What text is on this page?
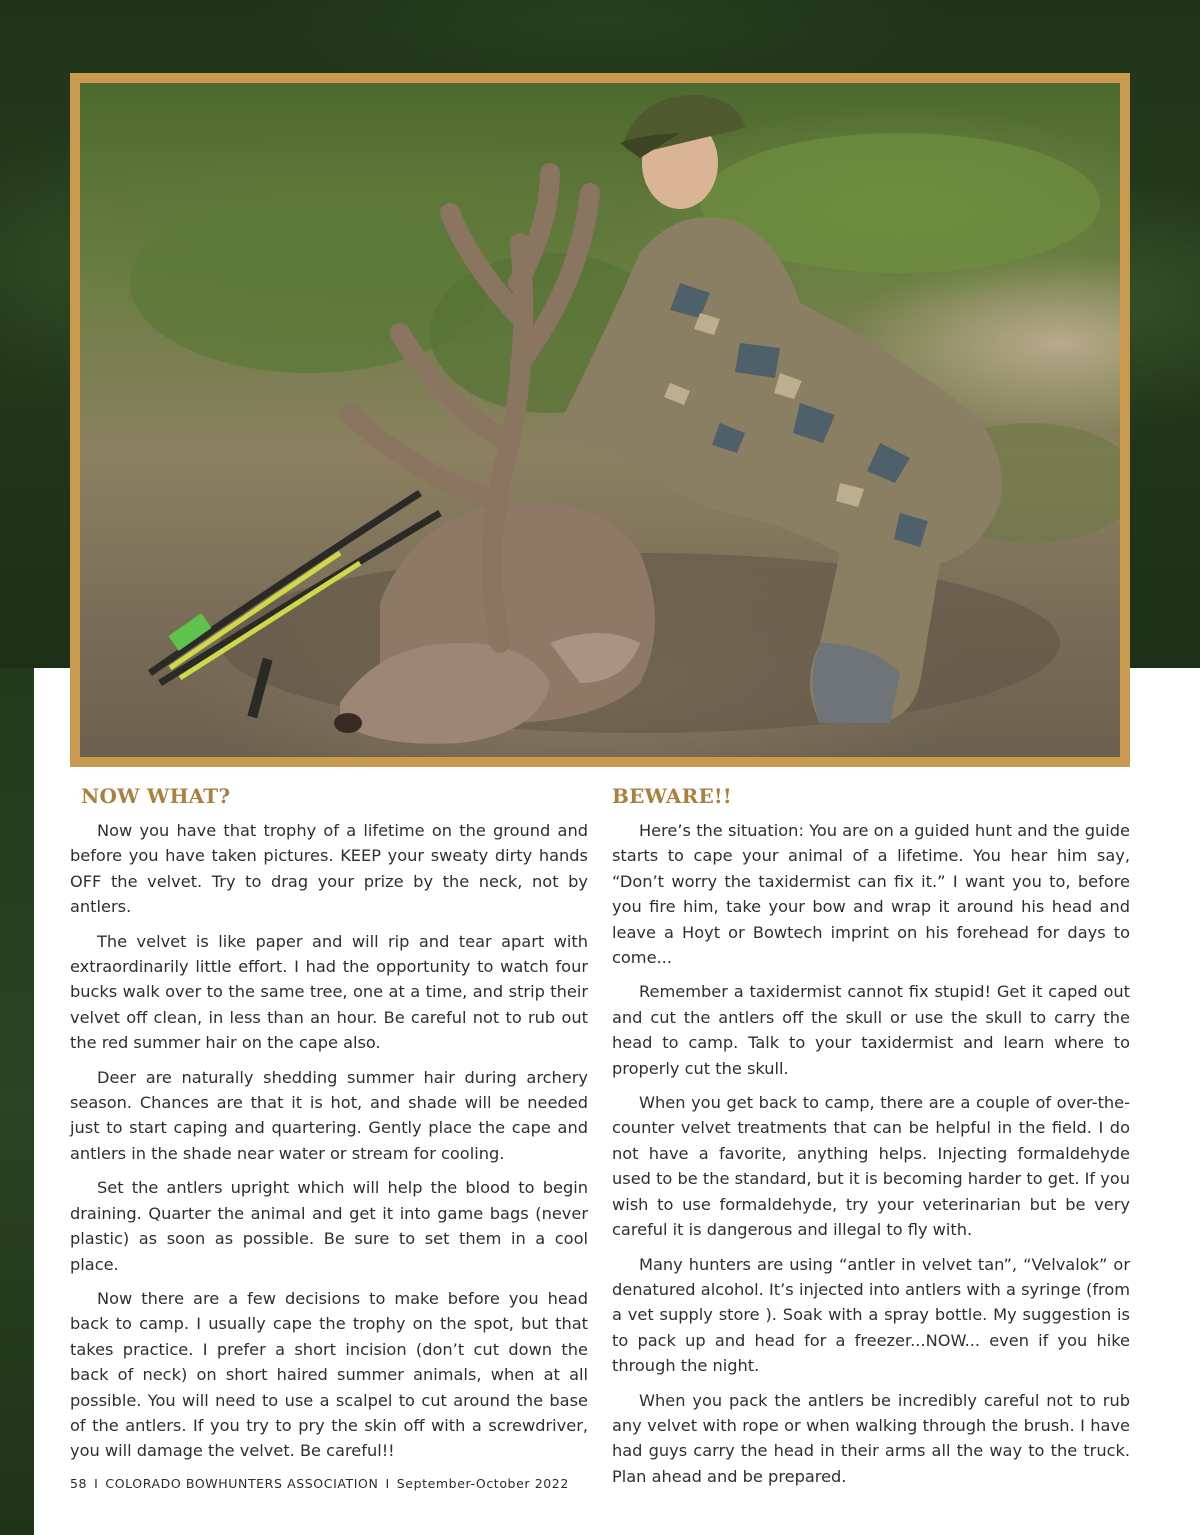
NOW WHAT?

Now you have that trophy of a lifetime on the ground and before you have taken pictures. KEEP your sweaty dirty hands OFF the velvet. Try to drag your prize by the neck, not by antlers.

The velvet is like paper and will rip and tear apart with extraordinarily little effort. I had the opportunity to watch four bucks walk over to the same tree, one at a time, and strip their velvet off clean, in less than an hour. Be careful not to rub out the red summer hair on the cape also.

Deer are naturally shedding summer hair during archery season. Chances are that it is hot, and shade will be needed just to start caping and quartering. Gently place the cape and antlers in the shade near water or stream for cooling.

Set the antlers upright which will help the blood to begin draining. Quarter the animal and get it into game bags (never plastic) as soon as possible. Be sure to set them in a cool place.

Now there are a few decisions to make before you head back to camp. I usually cape the trophy on the spot, but that takes practice. I prefer a short incision (don’t cut down the back of neck) on short haired summer animals, when at all possible. You will need to use a scalpel to cut around the base of the antlers. If you try to pry the skin off with a screwdriver, you will damage the velvet. Be careful!!

BEWARE!!

Here’s the situation: You are on a guided hunt and the guide starts to cape your animal of a lifetime. You hear him say, “Don’t worry the taxidermist can fix it.” I want you to, before you fire him, take your bow and wrap it around his head and leave a Hoyt or Bowtech imprint on his forehead for days to come...

Remember a taxidermist cannot fix stupid! Get it caped out and cut the antlers off the skull or use the skull to carry the head to camp. Talk to your taxidermist and learn where to properly cut the skull.

When you get back to camp, there are a couple of over-the-counter velvet treatments that can be helpful in the field. I do not have a favorite, anything helps. Injecting formaldehyde used to be the standard, but it is becoming harder to get. If you wish to use formaldehyde, try your veterinarian but be very careful it is dangerous and illegal to fly with.

Many hunters are using “antler in velvet tan”, “Velvalok” or denatured alcohol. It’s injected into antlers with a syringe (from a vet supply store ). Soak with a spray bottle. My suggestion is to pack up and head for a freezer...NOW... even if you hike through the night.

When you pack the antlers be incredibly careful not to rub any velvet with rope or when walking through the brush. I have had guys carry the head in their arms all the way to the truck. Plan ahead and be prepared.

58 I COLORADO BOWHUNTERS ASSOCIATION I September-October 2022
